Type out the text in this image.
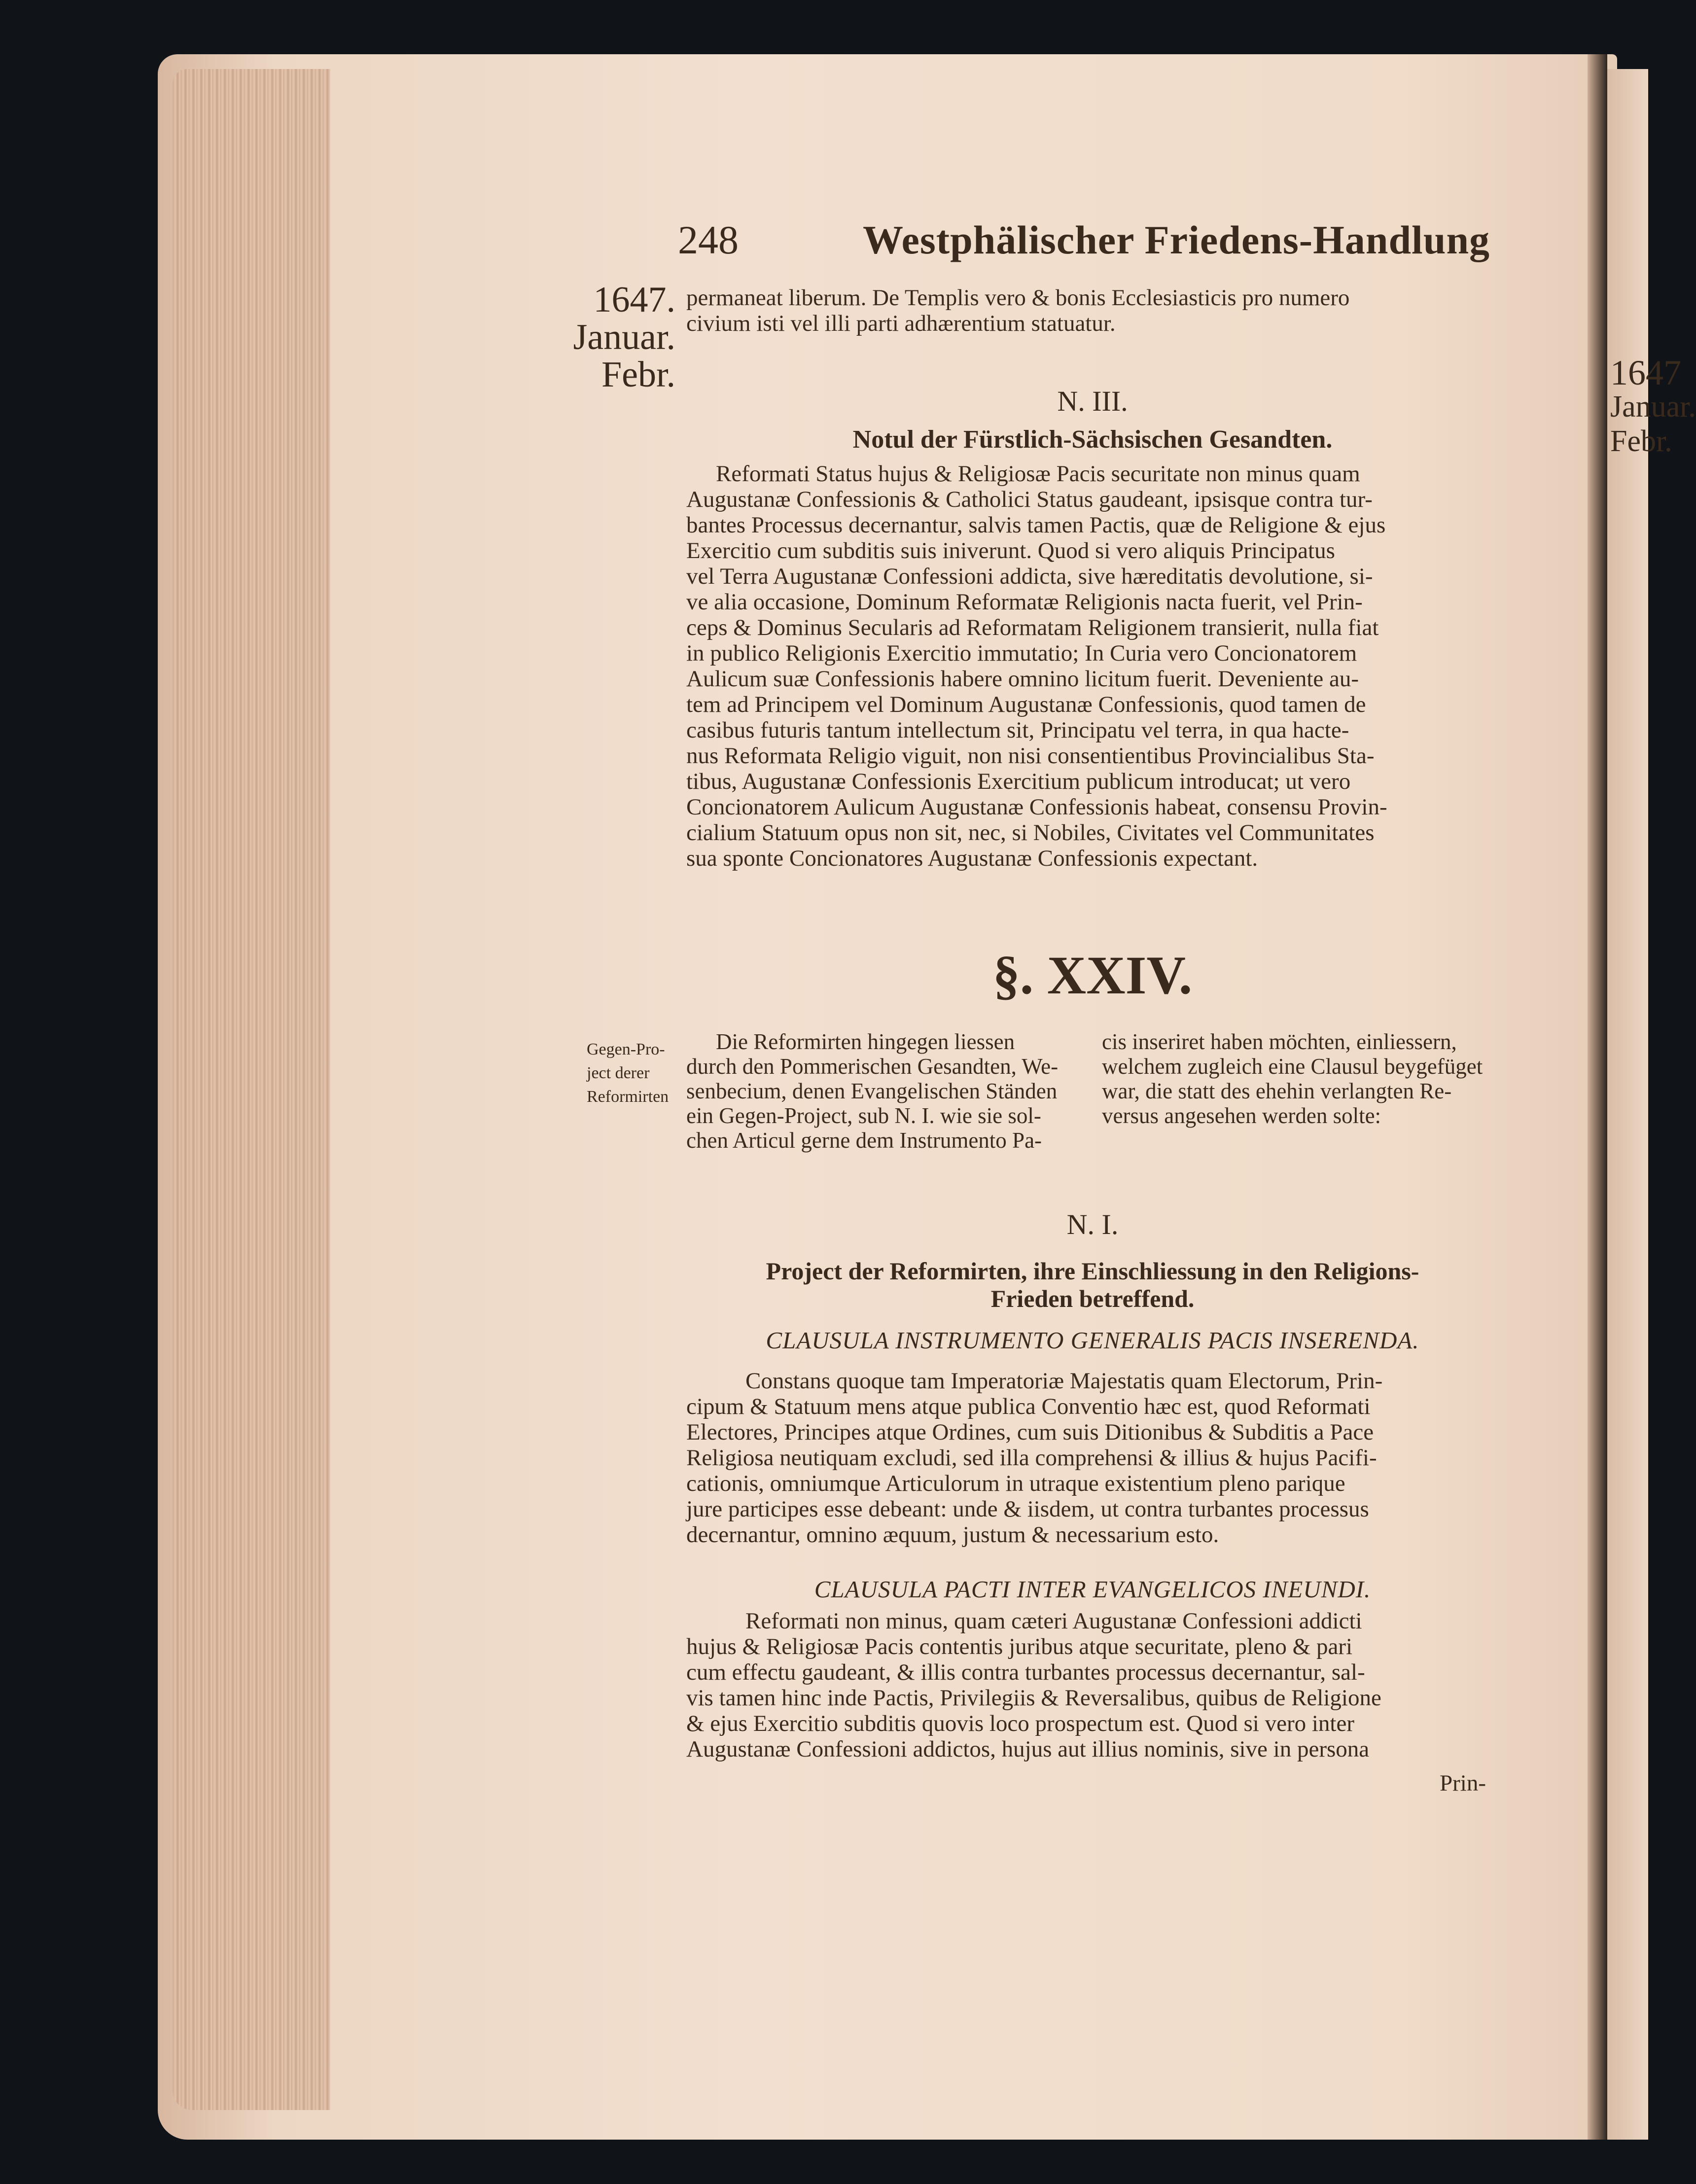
1647
Januar.
Febr.
248	Westphälischer Friedens-Handlung
1647.
Januar.
Febr.
Gegen-Pro-
ject derer
Reformirten
permaneat liberum. De Templis vero & bonis Ecclesiasticis pro numero
civium isti vel illi parti adhærentium statuatur.
N. III.
Notul der Fürstlich-Sächsischen Gesandten.
Reformati Status hujus & Religiosæ Pacis securitate non minus quam
Augustanæ Confessionis & Catholici Status gaudeant, ipsisque contra tur-
bantes Processus decernantur, salvis tamen Pactis, quæ de Religione & ejus
Exercitio cum subditis suis iniverunt. Quod si vero aliquis Principatus
vel Terra Augustanæ Confessioni addicta, sive hæreditatis devolutione, si-
ve alia occasione, Dominum Reformatæ Religionis nacta fuerit, vel Prin-
ceps & Dominus Secularis ad Reformatam Religionem transierit, nulla fiat
in publico Religionis Exercitio immutatio; In Curia vero Concionatorem
Aulicum suæ Confessionis habere omnino licitum fuerit. Deveniente au-
tem ad Principem vel Dominum Augustanæ Confessionis, quod tamen de
casibus futuris tantum intellectum sit, Principatu vel terra, in qua hacte-
nus Reformata Religio viguit, non nisi consentientibus Provincialibus Sta-
tibus, Augustanæ Confessionis Exercitium publicum introducat; ut vero
Concionatorem Aulicum Augustanæ Confessionis habeat, consensu Provin-
cialium Statuum opus non sit, nec, si Nobiles, Civitates vel Communitates
sua sponte Concionatores Augustanæ Confessionis expectant.
§. XXIV.
Die Reformirten hingegen liessen
durch den Pommerischen Gesandten, We-
senbecium, denen Evangelischen Ständen
ein Gegen-Project, sub N. I. wie sie sol-
chen Articul gerne dem Instrumento Pa-
cis inseriret haben möchten, einliessern,
welchem zugleich eine Clausul beygefüget
war, die statt des ehehin verlangten Re-
versus angesehen werden solte:
N. I.
Project der Reformirten, ihre Einschliessung in den Religions-
Frieden betreffend.
CLAUSULA INSTRUMENTO GENERALIS PACIS INSERENDA.
Constans quoque tam Imperatoriæ Majestatis quam Electorum, Prin-
cipum & Statuum mens atque publica Conventio hæc est, quod Reformati
Electores, Principes atque Ordines, cum suis Ditionibus & Subditis a Pace
Religiosa neutiquam excludi, sed illa comprehensi & illius & hujus Pacifi-
cationis, omniumque Articulorum in utraque existentium pleno parique
jure participes esse debeant: unde & iisdem, ut contra turbantes processus
decernantur, omnino æquum, justum & necessarium esto.
CLAUSULA PACTI INTER EVANGELICOS INEUNDI.
Reformati non minus, quam cæteri Augustanæ Confessioni addicti
hujus & Religiosæ Pacis contentis juribus atque securitate, pleno & pari
cum effectu gaudeant, & illis contra turbantes processus decernantur, sal-
vis tamen hinc inde Pactis, Privilegiis & Reversalibus, quibus de Religione
& ejus Exercitio subditis quovis loco prospectum est. Quod si vero inter
Augustanæ Confessioni addictos, hujus aut illius nominis, sive in persona
Prin-
